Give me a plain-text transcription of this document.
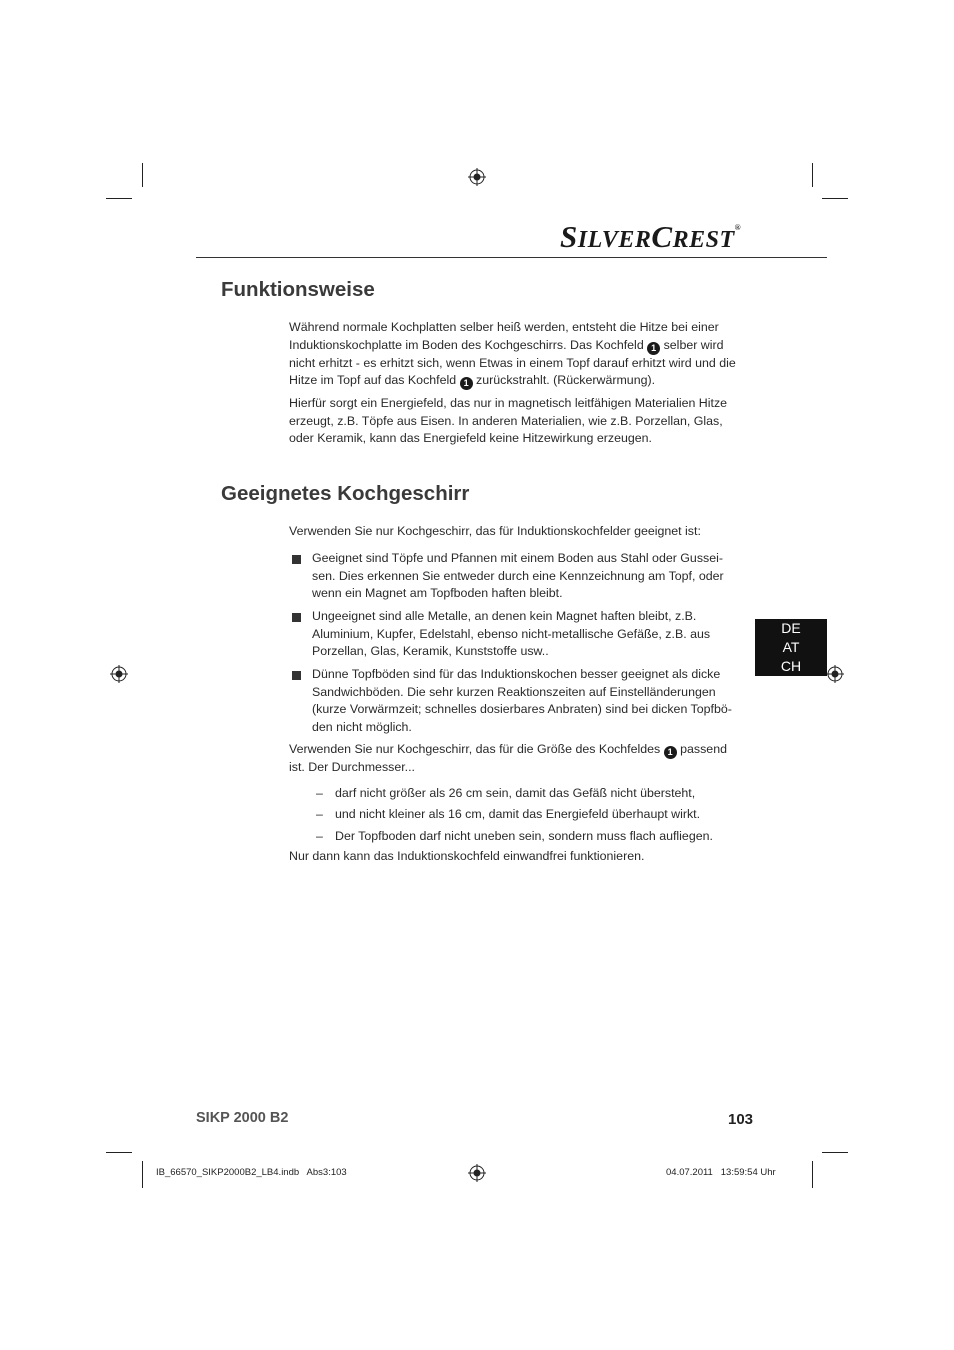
SILVERCREST®
Funktionsweise
Während normale Kochplatten selber heiß werden, entsteht die Hitze bei einer
Induktionskochplatte im Boden des Kochgeschirrs. Das Kochfeld 1 selber wird
nicht erhitzt - es erhitzt sich, wenn Etwas in einem Topf darauf erhitzt wird und die
Hitze im Topf auf das Kochfeld 1 zurückstrahlt. (Rückerwärmung).
Hierfür sorgt ein Energiefeld, das nur in magnetisch leitfähigen Materialien Hitze
erzeugt, z.B. Töpfe aus Eisen. In anderen Materialien, wie z.B. Porzellan, Glas,
oder Keramik, kann das Energiefeld keine Hitzewirkung erzeugen.
Geeignetes Kochgeschirr
Verwenden Sie nur Kochgeschirr, das für Induktionskochfelder geeignet ist:
Geeignet sind Töpfe und Pfannen mit einem Boden aus Stahl oder Gussei-
sen. Dies erkennen Sie entweder durch eine Kennzeichnung am Topf, oder
wenn ein Magnet am Topfboden haften bleibt.
Ungeeignet sind alle Metalle, an denen kein Magnet haften bleibt, z.B.
Aluminium, Kupfer, Edelstahl, ebenso nicht-metallische Gefäße, z.B. aus
Porzellan, Glas, Keramik, Kunststoffe usw..
Dünne Topfböden sind für das Induktionskochen besser geeignet als dicke
Sandwichböden. Die sehr kurzen Reaktionszeiten auf Einstelländerungen
(kurze Vorwärmzeit; schnelles dosierbares Anbraten) sind bei dicken Topfbö-
den nicht möglich.
Verwenden Sie nur Kochgeschirr, das für die Größe des Kochfeldes 1 passend
ist. Der Durchmesser...
– darf nicht größer als 26 cm sein, damit das Gefäß nicht übersteht,
– und nicht kleiner als 16 cm, damit das Energiefeld überhaupt wirkt.
– Der Topfboden darf nicht uneben sein, sondern muss flach aufliegen.
Nur dann kann das Induktionskochfeld einwandfrei funktionieren.
DE
AT
CH
SIKP 2000 B2	103
IB_66570_SIKP2000B2_LB4.indb   Abs3:103	04.07.2011   13:59:54 Uhr
